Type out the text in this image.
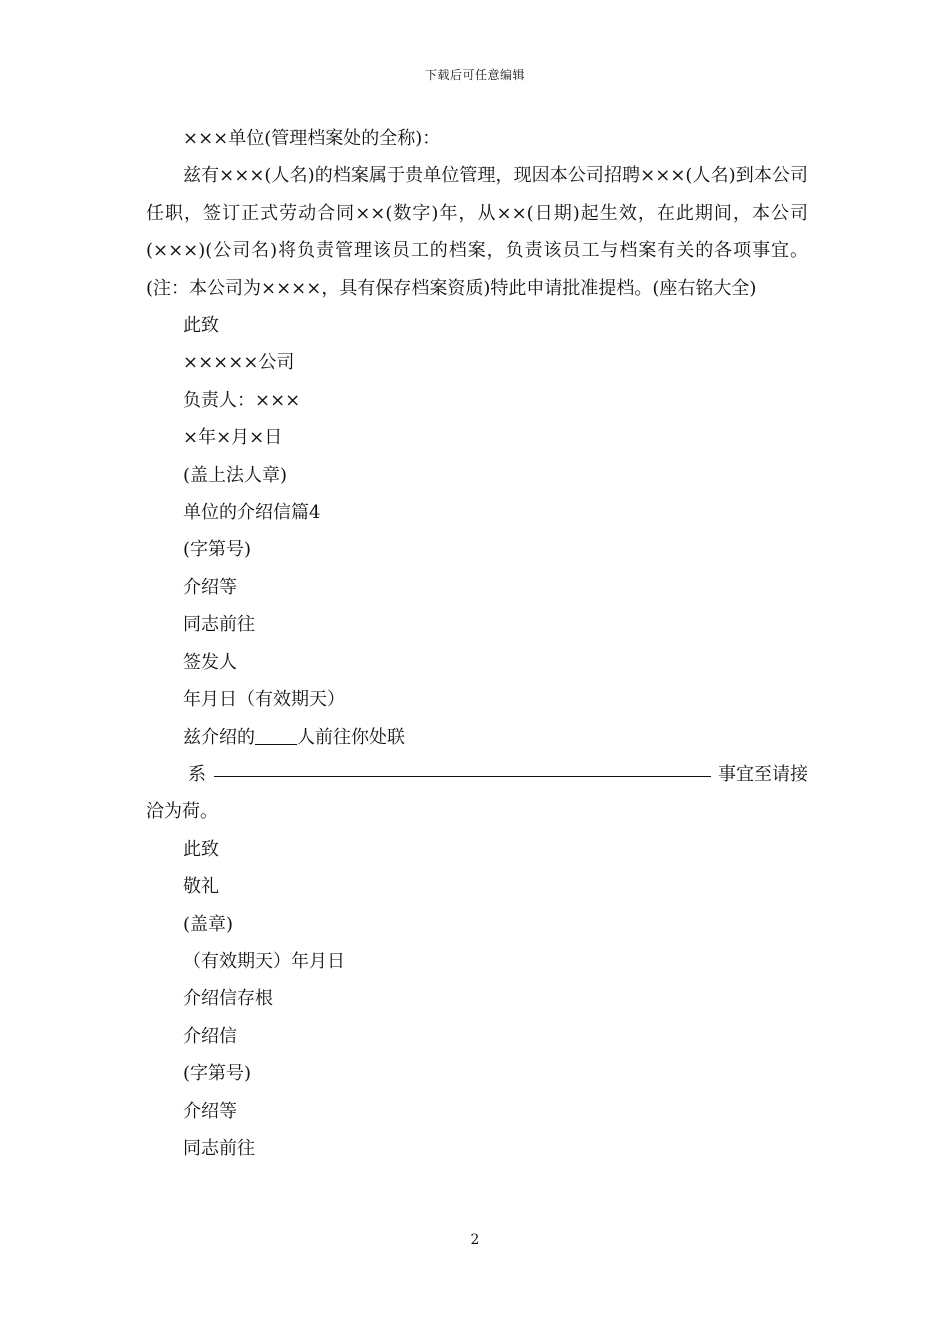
下载后可任意编辑
×××单位(管理档案处的全称)：
兹有×××(人名)的档案属于贵单位管理，现因本公司招聘×××(人名)到本公司任职，签订正式劳动合同××(数字)年，从××(日期)起生效，在此期间，本公司(×××)(公司名)将负责管理该员工的档案，负责该员工与档案有关的各项事宜。(注：本公司为××××，具有保存档案资质)特此申请批准提档。(座右铭大全)
此致
×××××公司
负责人：×××
×年×月×日
(盖上法人章)
单位的介绍信篇4
(字第号)
介绍等
同志前往
签发人
年月日（有效期天）
兹介绍的 人前往你处联
系	事宜至请接
洽为荷。
此致
敬礼
(盖章)
（有效期天）年月日
介绍信存根
介绍信
(字第号)
介绍等
同志前往
2
